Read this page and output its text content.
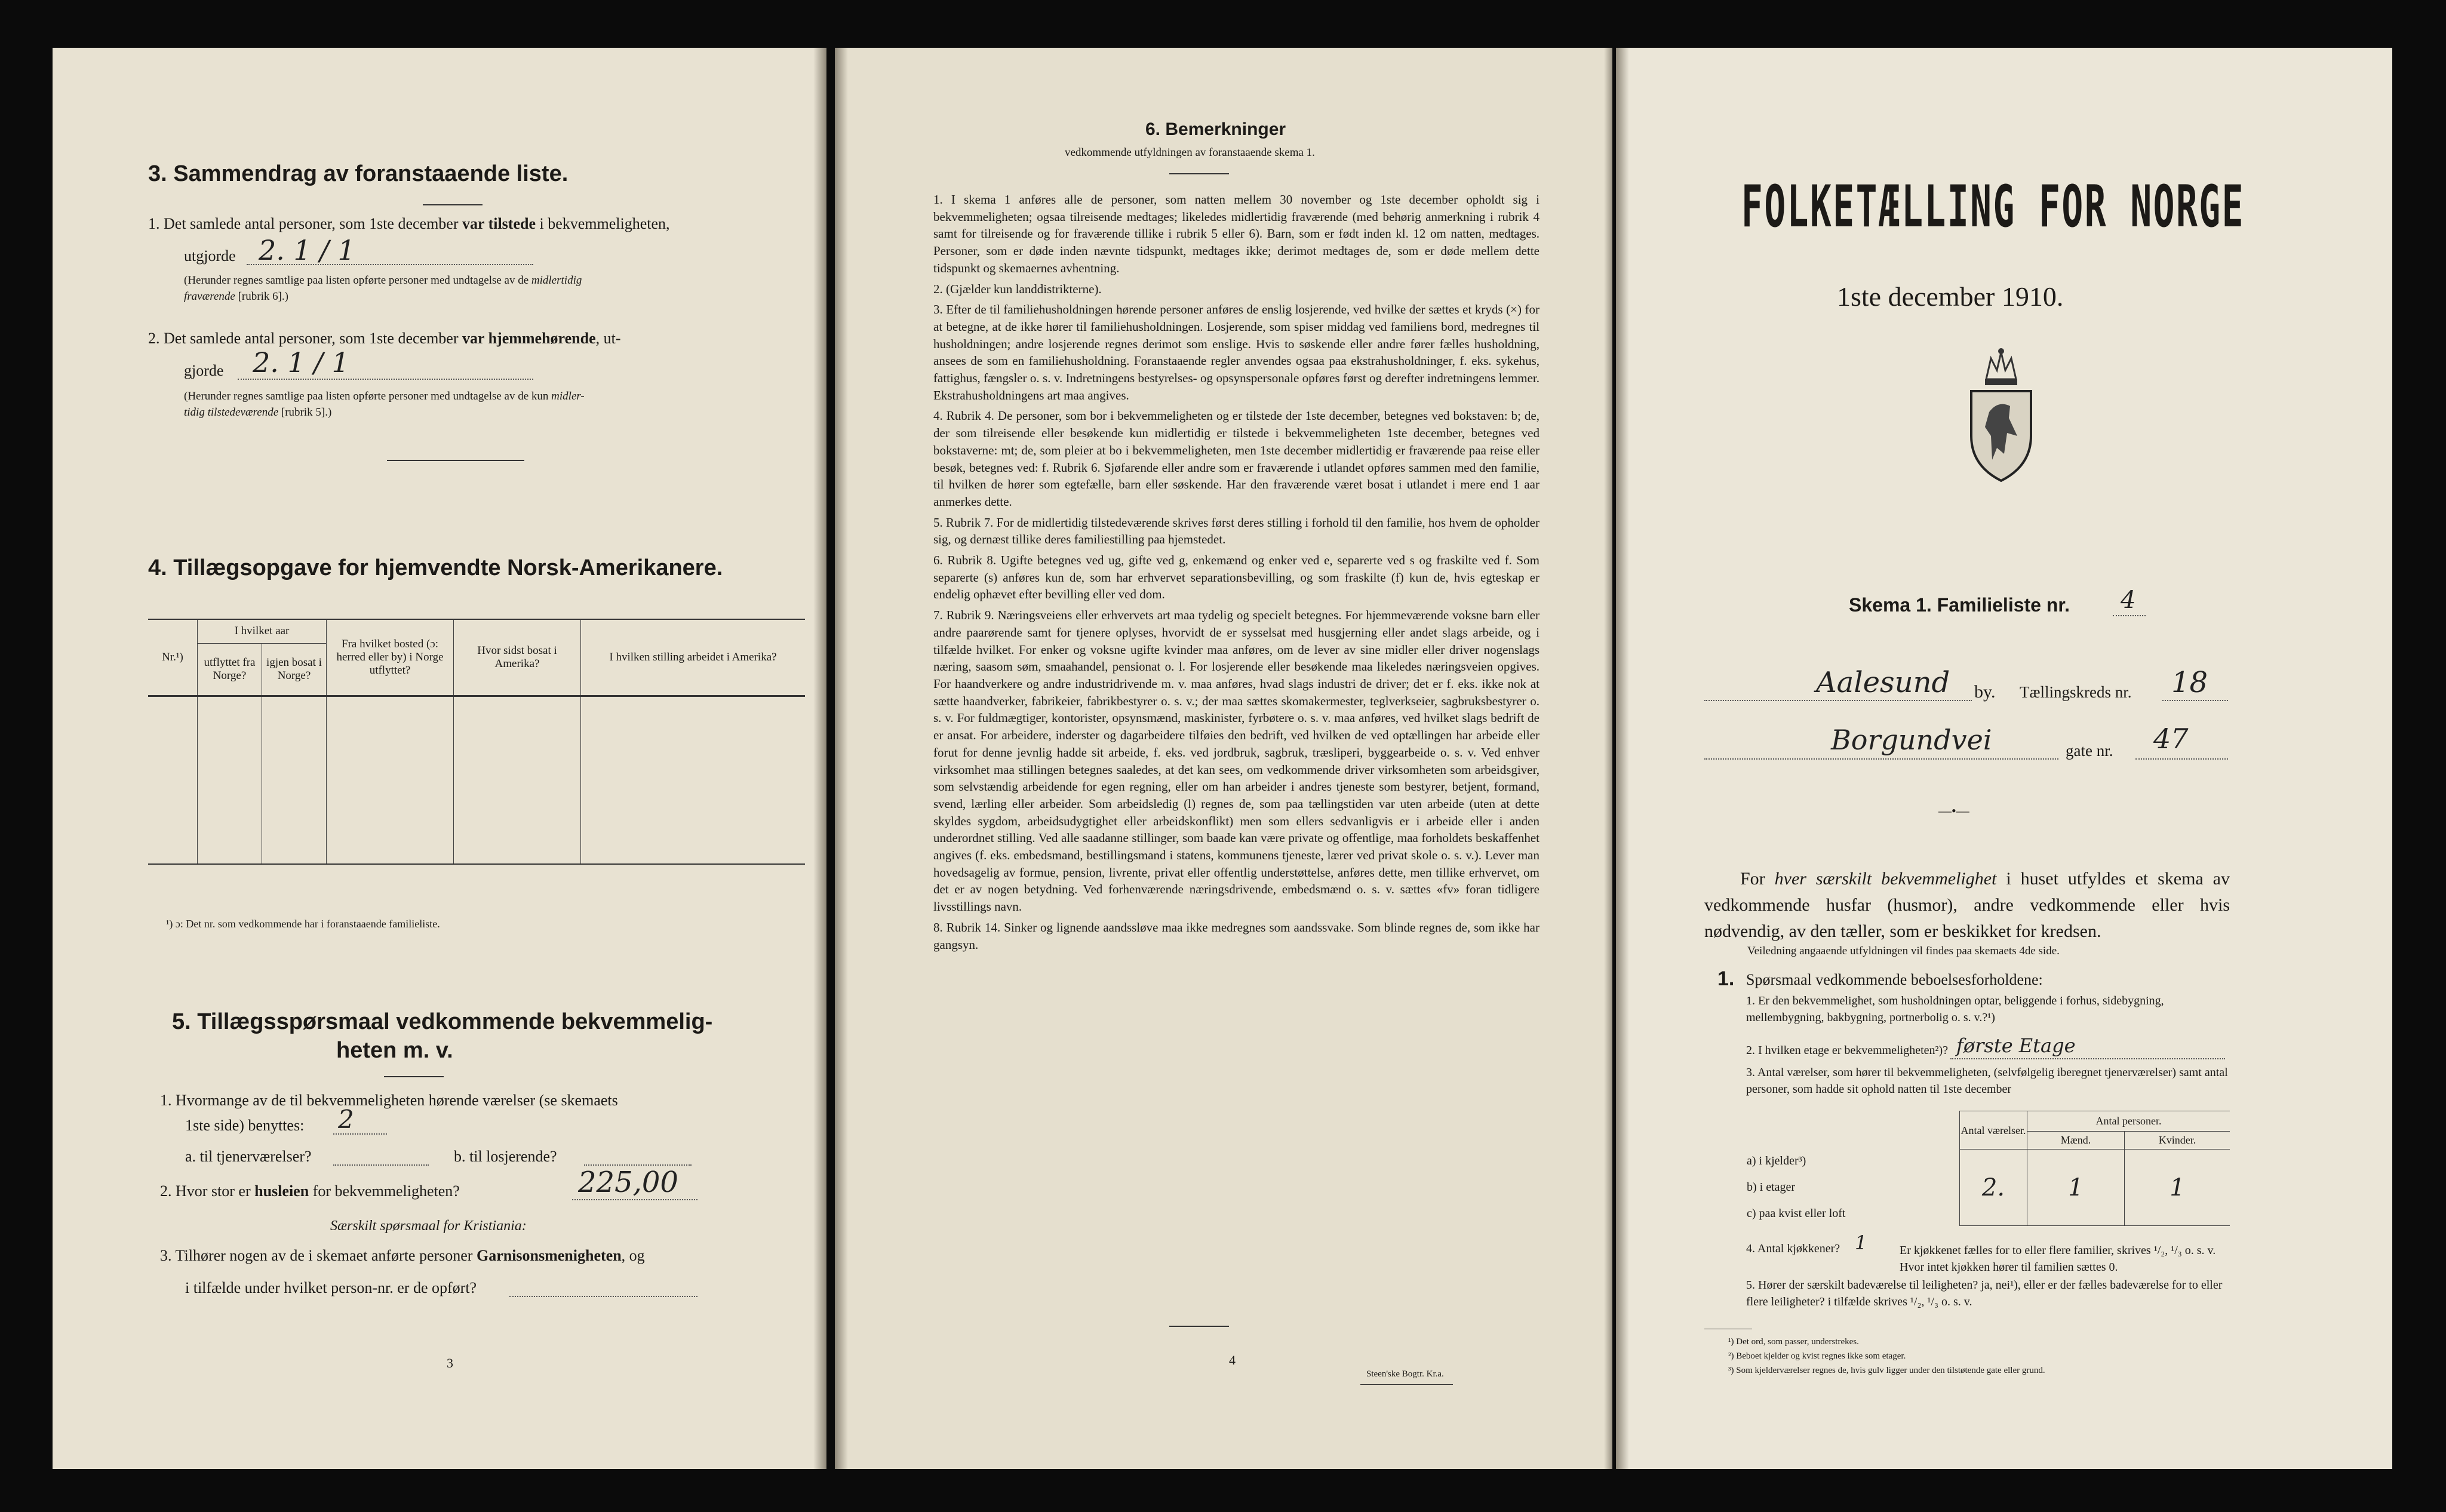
3. Sammendrag av foranstaaende liste.
1. Det samlede antal personer, som 1ste december var tilstede i bekvemmeligheten,
utgjorde 2. 1 / 1
(Herunder regnes samtlige paa listen opførte personer med undtagelse av de midlertidig
fraværende [rubrik 6].)
2. Det samlede antal personer, som 1ste december var hjemmehørende, ut-
gjorde 2. 1 / 1
(Herunder regnes samtlige paa listen opførte personer med undtagelse av de kun midler-
tidig tilstedeværende [rubrik 5].)
4. Tillægsopgave for hjemvendte Norsk-Amerikanere.
Nr.¹)	I hvilket aar		Fra hvilket bosted (ɔ: herred eller by) i Norge utflyttet?	Hvor sidst bosat i Amerika?	I hvilken stilling arbeidet i Amerika?
	utflyttet fra Norge?	igjen bosat i Norge?			

¹) ɔ: Det nr. som vedkommende har i foranstaaende familieliste.
5. Tillægsspørsmaal vedkommende bekvemmelig-
heten m. v.
1. Hvormange av de til bekvemmeligheten hørende værelser (se skemaets
1ste side) benyttes: 2
a. til tjenerværelser?	b. til losjerende?
2. Hvor stor er husleien for bekvemmeligheten?	225,00
Særskilt spørsmaal for Kristiania:
3. Tilhører nogen av de i skemaet anførte personer Garnisonsmenigheten, og
i tilfælde under hvilket person-nr. er de opført?
3
6. Bemerkninger
vedkommende utfyldningen av foranstaaende skema 1.

1. I skema 1 anføres alle de personer, som natten mellem 30 november og 1ste december opholdt sig i bekvemmeligheten; ogsaa tilreisende medtages; likeledes midlertidig fraværende (med behørig anmerkning i rubrik 4 samt for tilreisende og for fraværende tillike i rubrik 5 eller 6). Barn, som er født inden kl. 12 om natten, medtages. Personer, som er døde inden nævnte tidspunkt, medtages ikke; derimot medtages de, som er døde mellem dette tidspunkt og skemaernes avhentning.

2. (Gjælder kun landdistrikterne).

3. Efter de til familiehusholdningen hørende personer anføres de enslig losjerende, ved hvilke der sættes et kryds (×) for at betegne, at de ikke hører til familiehusholdningen. Losjerende, som spiser middag ved familiens bord, medregnes til husholdningen; andre losjerende regnes derimot som enslige. Hvis to søskende eller andre fører fælles husholdning, ansees de som en familiehusholdning. Foranstaaende regler anvendes ogsaa paa ekstrahusholdninger, f. eks. sykehus, fattighus, fængsler o. s. v. Indretningens bestyrelses- og opsynspersonale opføres først og derefter indretningens lemmer. Ekstrahusholdningens art maa angives.

4. Rubrik 4. De personer, som bor i bekvemmeligheten og er tilstede der 1ste december, betegnes ved bokstaven: b; de, der som tilreisende eller besøkende kun midlertidig er tilstede i bekvemmeligheten 1ste december, betegnes ved bokstaverne: mt; de, som pleier at bo i bekvemmeligheten, men 1ste december midlertidig er fraværende paa reise eller besøk, betegnes ved: f. Rubrik 6. Sjøfarende eller andre som er fraværende i utlandet opføres sammen med den familie, til hvilken de hører som egtefælle, barn eller søskende. Har den fraværende været bosat i utlandet i mere end 1 aar anmerkes dette.

5. Rubrik 7. For de midlertidig tilstedeværende skrives først deres stilling i forhold til den familie, hos hvem de opholder sig, og dernæst tillike deres familiestilling paa hjemstedet.

6. Rubrik 8. Ugifte betegnes ved ug, gifte ved g, enkemænd og enker ved e, separerte ved s og fraskilte ved f. Som separerte (s) anføres kun de, som har erhvervet separationsbevilling, og som fraskilte (f) kun de, hvis egteskap er endelig ophævet efter bevilling eller ved dom.

7. Rubrik 9. Næringsveiens eller erhvervets art maa tydelig og specielt betegnes. For hjemmeværende voksne barn eller andre paarørende samt for tjenere oplyses, hvorvidt de er sysselsat med husgjerning eller andet slags arbeide, og i tilfælde hvilket. For enker og voksne ugifte kvinder maa anføres, om de lever av sine midler eller driver nogenslags næring, saasom søm, smaahandel, pensionat o. l. For losjerende eller besøkende maa likeledes næringsveien opgives. For haandverkere og andre industridrivende m. v. maa anføres, hvad slags industri de driver; det er f. eks. ikke nok at sætte haandverker, fabrikeier, fabrikbestyrer o. s. v.; der maa sættes skomakermester, teglverkseier, sagbruksbestyrer o. s. v. For fuldmægtiger, kontorister, opsynsmænd, maskinister, fyrbøtere o. s. v. maa anføres, ved hvilket slags bedrift de er ansat. For arbeidere, inderster og dagarbeidere tilføies den bedrift, ved hvilken de ved optællingen har arbeide eller forut for denne jevnlig hadde sit arbeide, f. eks. ved jordbruk, sagbruk, træsliperi, byggearbeide o. s. v. Ved enhver virksomhet maa stillingen betegnes saaledes, at det kan sees, om vedkommende driver virksomheten som arbeidsgiver, som selvstændig arbeidende for egen regning, eller om han arbeider i andres tjeneste som bestyrer, betjent, formand, svend, lærling eller arbeider. Som arbeidsledig (l) regnes de, som paa tællingstiden var uten arbeide (uten at dette skyldes sygdom, arbeidsudygtighet eller arbeidskonflikt) men som ellers sedvanligvis er i arbeide eller i anden underordnet stilling. Ved alle saadanne stillinger, som baade kan være private og offentlige, maa forholdets beskaffenhet angives (f. eks. embedsmand, bestillingsmand i statens, kommunens tjeneste, lærer ved privat skole o. s. v.). Lever man hovedsagelig av formue, pension, livrente, privat eller offentlig understøttelse, anføres dette, men tillike erhvervet, om det er av nogen betydning. Ved forhenværende næringsdrivende, embedsmænd o. s. v. sættes «fv» foran tidligere livsstillings navn.

8. Rubrik 14. Sinker og lignende aandssløve maa ikke medregnes som aandssvake. Som blinde regnes de, som ikke har gangsyn.

4
Steen'ske Bogtr. Kr.a.
FOLKETÆLLING FOR NORGE
1ste december 1910.
Skema 1. Familieliste nr. 4
Aalesund by. Tællingskreds nr. 18
Borgundvei	gate nr. 47
—•—
For hver særskilt bekvemmelighet i huset utfyldes et skema av vedkommende husfar (husmor), andre vedkommende eller hvis nødvendig, av den tæller, som er beskikket for kredsen.
Veiledning angaaende utfyldningen vil findes paa skemaets 4de side.
1. Spørsmaal vedkommende beboelsesforholdene:
1. Er den bekvemmelighet, som husholdningen optar, beliggende i forhus, sidebygning, mellembygning, bakbygning, portnerbolig o. s. v.?¹)
2. I hvilken etage er bekvemmeligheten²)? første Etage
3. Antal værelser, som hører til bekvemmeligheten, (selvfølgelig iberegnet tjenerværelser) samt antal personer, som hadde sit ophold natten til 1ste december
	Antal værelser.	Antal personer.	
		Mænd.	Kvinder.
a) i kjelder³)			
b) i etager	2.	1	1
c) paa kvist eller loft			
4. Antal kjøkkener? 1	Er kjøkkenet fælles for to eller flere familier, skrives ¹/₂, ¹/₃ o. s. v. Hvor intet kjøkken hører til familien sættes 0.
5. Hører der særskilt badeværelse til leiligheten? ja, nei¹), eller er der fælles badeværelse for to eller flere leiligheter? i tilfælde skrives ¹/₂, ¹/₃ o. s. v.
¹) Det ord, som passer, understrekes.
²) Beboet kjelder og kvist regnes ikke som etager.
³) Som kjelderværelser regnes de, hvis gulv ligger under den tilstøtende gate eller grund.
